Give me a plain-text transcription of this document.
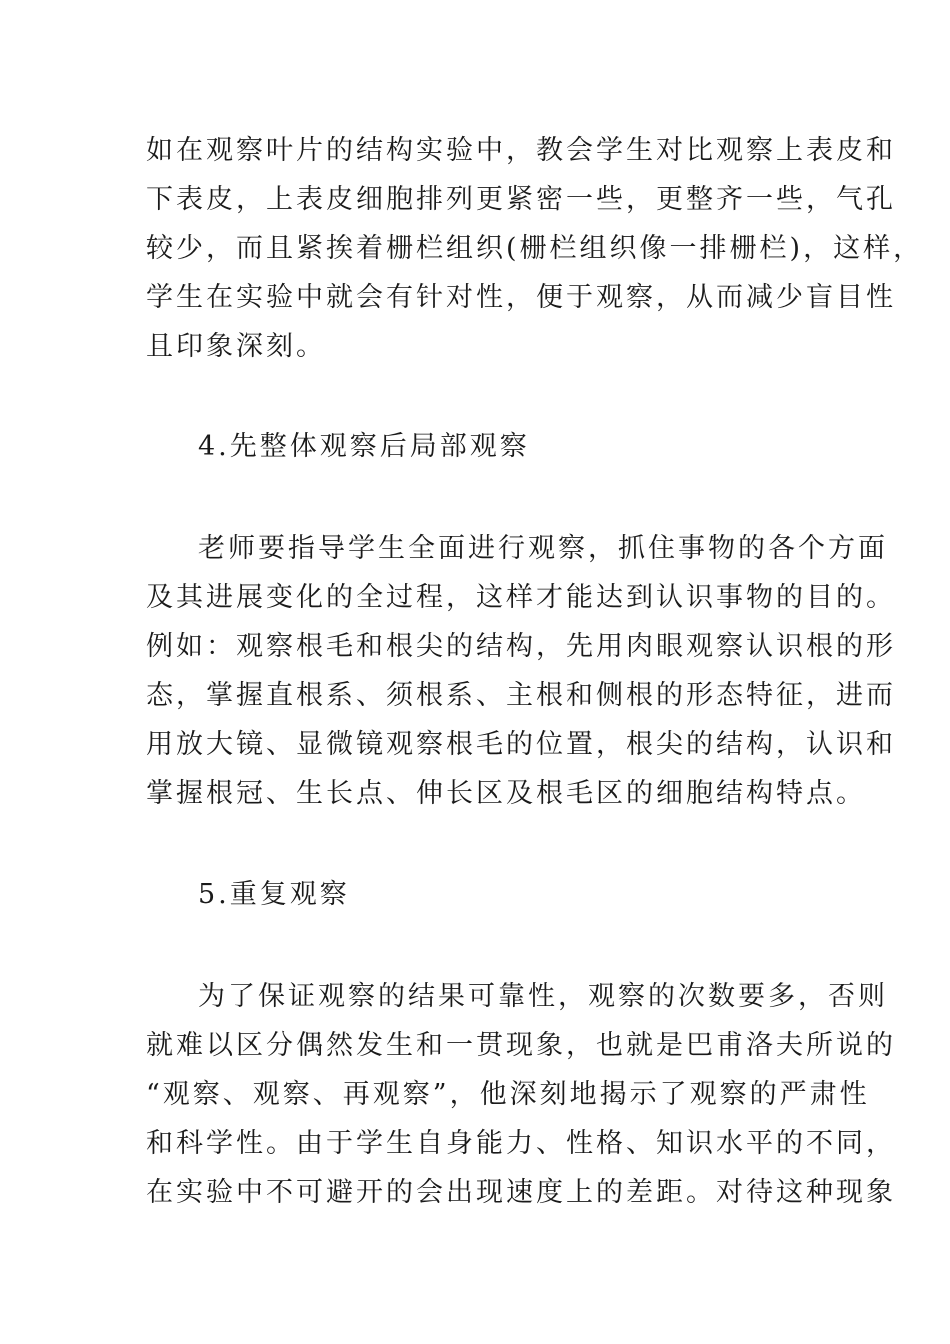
如在观察叶片的结构实验中，教会学生对比观察上表皮和
下表皮，上表皮细胞排列更紧密一些，更整齐一些，气孔
较少，而且紧挨着栅栏组织(栅栏组织像一排栅栏)，这样，
学生在实验中就会有针对性，便于观察，从而减少盲目性
且印象深刻。
4.先整体观察后局部观察
老师要指导学生全面进行观察，抓住事物的各个方面
及其进展变化的全过程，这样才能达到认识事物的目的。
例如：观察根毛和根尖的结构，先用肉眼观察认识根的形
态，掌握直根系、须根系、主根和侧根的形态特征，进而
用放大镜、显微镜观察根毛的位置，根尖的结构，认识和
掌握根冠、生长点、伸长区及根毛区的细胞结构特点。
5.重复观察
为了保证观察的结果可靠性，观察的次数要多，否则
就难以区分偶然发生和一贯现象，也就是巴甫洛夫所说的
“观察、观察、再观察”，他深刻地揭示了观察的严肃性
和科学性。由于学生自身能力、性格、知识水平的不同，
在实验中不可避开的会出现速度上的差距。对待这种现象
